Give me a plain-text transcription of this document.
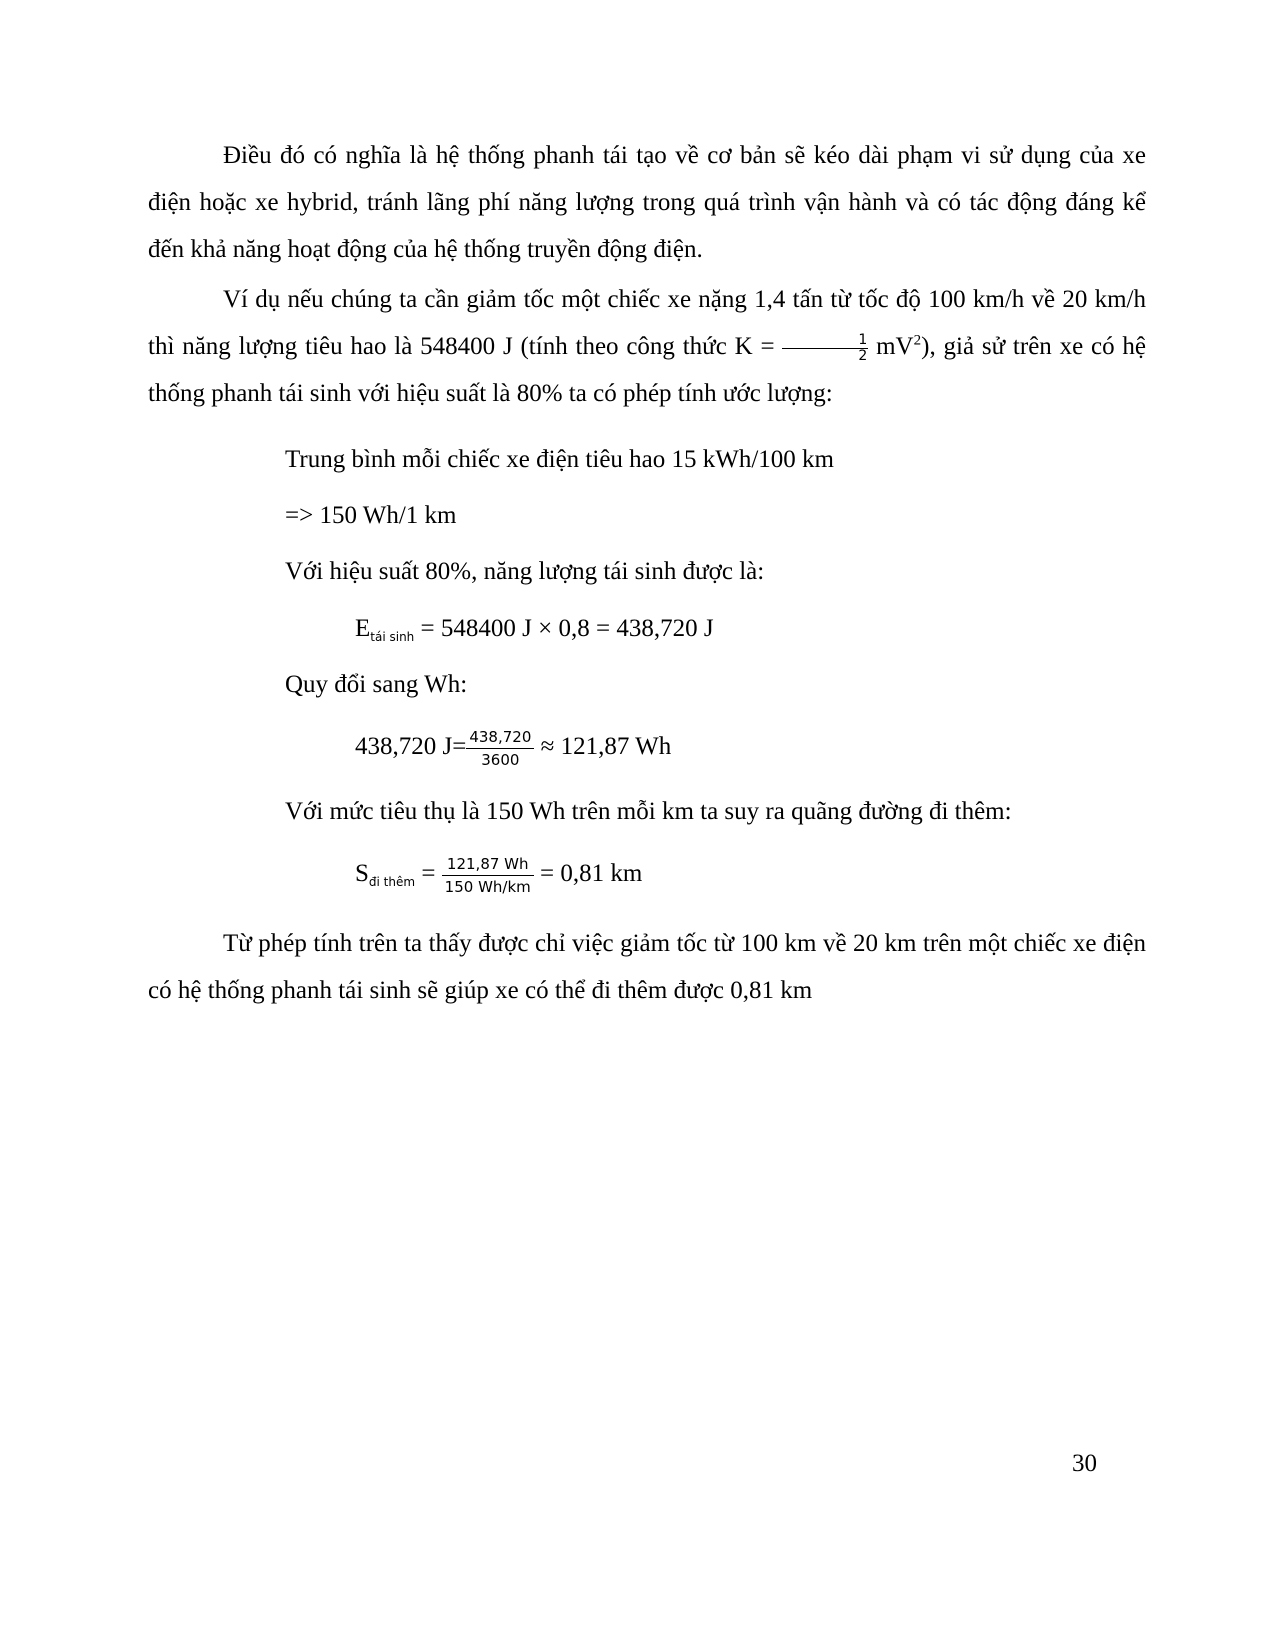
Điều đó có nghĩa là hệ thống phanh tái tạo về cơ bản sẽ kéo dài phạm vi sử dụng của xe điện hoặc xe hybrid, tránh lãng phí năng lượng trong quá trình vận hành và có tác động đáng kể đến khả năng hoạt động của hệ thống truyền động điện.

Ví dụ nếu chúng ta cần giảm tốc một chiếc xe nặng 1,4 tấn từ tốc độ 100 km/h về 20 km/h thì năng lượng tiêu hao là 548400 J (tính theo công thức $K = \frac{1}{2} mV^2$), giả sử trên xe có hệ thống phanh tái sinh với hiệu suất là 80% ta có phép tính ước lượng:

Trung bình mỗi chiếc xe điện tiêu hao 15 kWh/100 km
=> 150 Wh/1 km
Với hiệu suất 80%, năng lượng tái sinh được là:
$E_{tái sinh} = 548400$ J × 0,8 = 438,720 J
Quy đổi sang Wh:
438,720 $J= \frac{438,720}{3600} \approx 121,87$ Wh
Với mức tiêu thụ là 150 Wh trên mỗi km ta suy ra quãng đường đi thêm:
$S_{đi thêm} = \frac{121,87 Wh}{150 Wh/km} = 0,81$ km

Từ phép tính trên ta thấy được chỉ việc giảm tốc từ 100 km về 20 km trên một chiếc xe điện có hệ thống phanh tái sinh sẽ giúp xe có thể đi thêm được 0,81 km

30
